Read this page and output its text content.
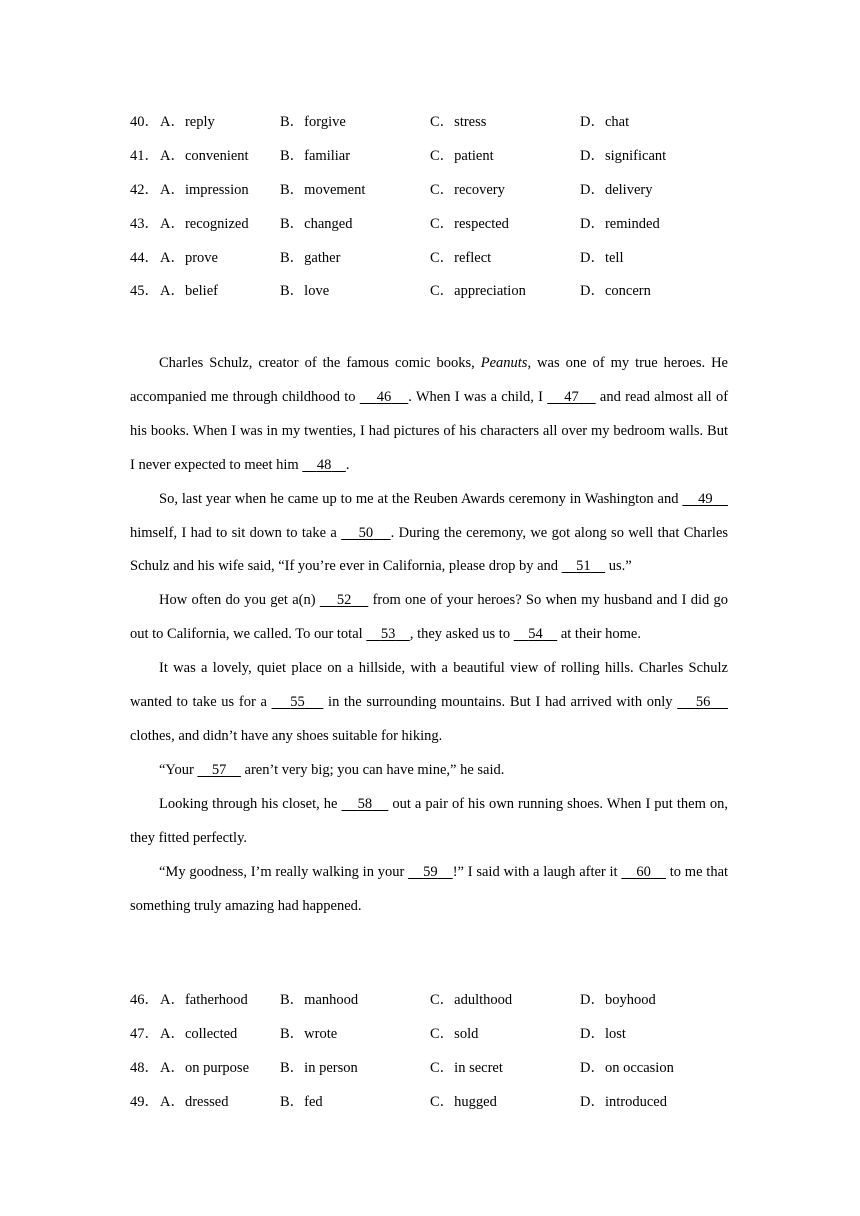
40． A．reply	B．forgive	C．stress	D．chat
41． A．convenient B．familiar	C．patient	D．significant
42． A．impression B．movement	C．recovery	D．delivery
43． A．recognized B．changed	C．respected	D．reminded
44． A．prove	B．gather	C．reflect	D．tell
45． A．belief	B．love	C．appreciation	D．concern

Charles Schulz, creator of the famous comic books, Peanuts, was one of my true heroes. He accompanied me through childhood to     46 . When I was a child, I     47     and read almost all of his books. When I was in my twenties, I had pictures of his characters all over my bedroom walls. But I never expected to meet him     48 .

So, last year when he came up to me at the Reuben Awards ceremony in Washington and     49     himself, I had to sit down to take a     50 . During the ceremony, we got along so well that Charles Schulz and his wife said, “If you’re ever in California, please drop by and     51     us.”

How often do you get a(n)     52     from one of your heroes? So when my husband and I did go out to California, we called. To our total     53 , they asked us to     54     at their home.

It was a lovely, quiet place on a hillside, with a beautiful view of rolling hills. Charles Schulz wanted to take us for a     55     in the surrounding mountains. But I had arrived with only     56     clothes, and didn’t have any shoes suitable for hiking.

“Your     57     aren’t very big; you can have mine,” he said.

Looking through his closet, he     58     out a pair of his own running shoes. When I put them on, they fitted perfectly.

“My goodness, I’m really walking in your     59 !” I said with a laugh after it     60     to me that something truly amazing had happened.

46． A．fatherhood B．manhood	C．adulthood	D．boyhood
47． A．collected	B．wrote	C．sold	D．lost
48． A．on purpose B．in person	C．in secret	D．on occasion
49． A．dressed	B．fed	C．hugged	D．introduced
